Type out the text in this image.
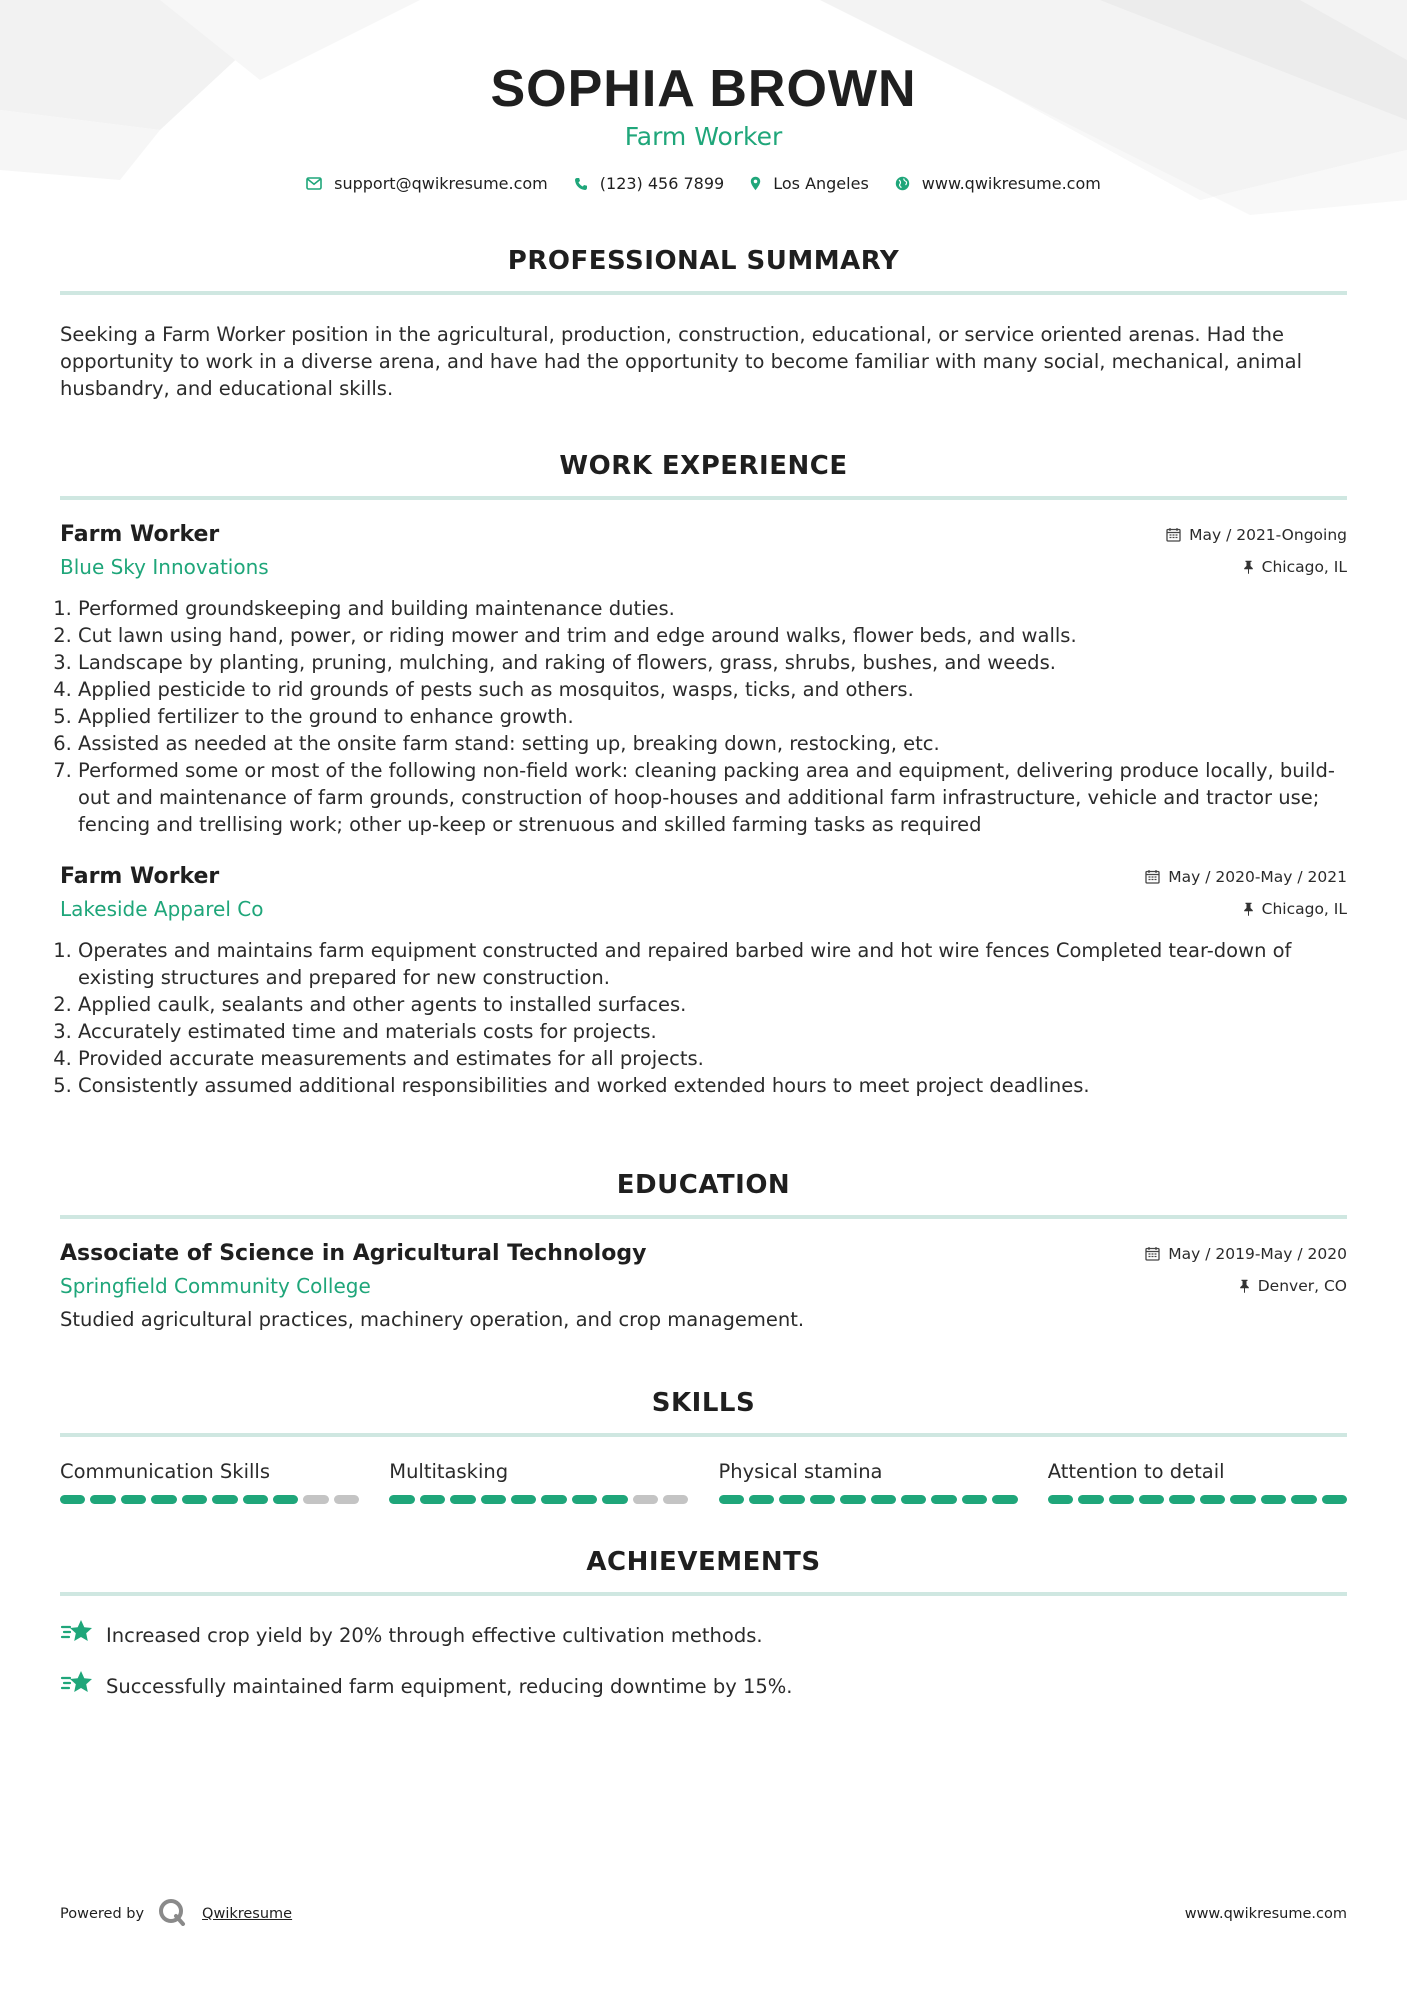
SOPHIA BROWN
Farm Worker
support@qwikresume.com	(123) 456 7899	Los Angeles	www.qwikresume.com
PROFESSIONAL SUMMARY
Seeking a Farm Worker position in the agricultural, production, construction, educational, or service oriented arenas. Had the opportunity to work in a diverse arena, and have had the opportunity to become familiar with many social, mechanical, animal husbandry, and educational skills.
WORK EXPERIENCE
Farm Worker	May / 2021-Ongoing
Blue Sky Innovations	Chicago, IL
1. Performed groundskeeping and building maintenance duties.
2. Cut lawn using hand, power, or riding mower and trim and edge around walks, flower beds, and walls.
3. Landscape by planting, pruning, mulching, and raking of flowers, grass, shrubs, bushes, and weeds.
4. Applied pesticide to rid grounds of pests such as mosquitos, wasps, ticks, and others.
5. Applied fertilizer to the ground to enhance growth.
6. Assisted as needed at the onsite farm stand: setting up, breaking down, restocking, etc.
7. Performed some or most of the following non-field work: cleaning packing area and equipment, delivering produce locally, build-out and maintenance of farm grounds, construction of hoop-houses and additional farm infrastructure, vehicle and tractor use; fencing and trellising work; other up-keep or strenuous and skilled farming tasks as required
Farm Worker	May / 2020-May / 2021
Lakeside Apparel Co	Chicago, IL
1. Operates and maintains farm equipment constructed and repaired barbed wire and hot wire fences Completed tear-down of existing structures and prepared for new construction.
2. Applied caulk, sealants and other agents to installed surfaces.
3. Accurately estimated time and materials costs for projects.
4. Provided accurate measurements and estimates for all projects.
5. Consistently assumed additional responsibilities and worked extended hours to meet project deadlines.
EDUCATION
Associate of Science in Agricultural Technology	May / 2019-May / 2020
Springfield Community College	Denver, CO
Studied agricultural practices, machinery operation, and crop management.
SKILLS
Communication Skills	Multitasking	Physical stamina	Attention to detail
ACHIEVEMENTS
Increased crop yield by 20% through effective cultivation methods.
Successfully maintained farm equipment, reducing downtime by 15%.
Powered by	Qwikresume	www.qwikresume.com
